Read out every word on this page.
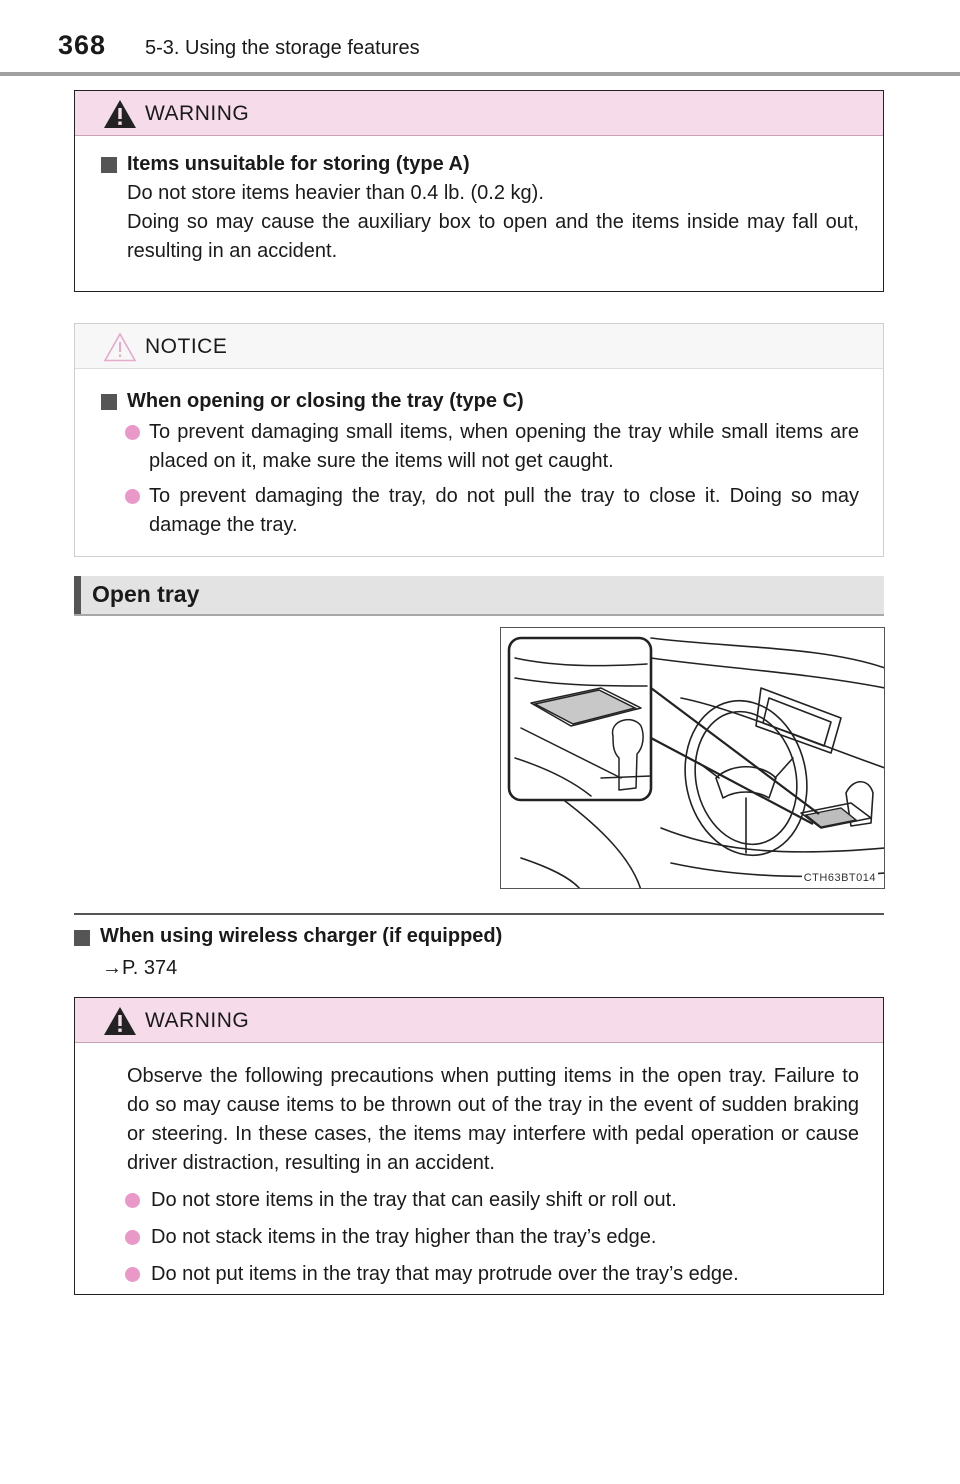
368 5-3. Using the storage features
WARNING
Items unsuitable for storing (type A)
Do not store items heavier than 0.4 lb. (0.2 kg).
Doing so may cause the auxiliary box to open and the items inside may fall out, resulting in an accident.
NOTICE
When opening or closing the tray (type C)
To prevent damaging small items, when opening the tray while small items are placed on it, make sure the items will not get caught.
To prevent damaging the tray, do not pull the tray to close it. Doing so may damage the tray.
Open tray
CTH63BT014
When using wireless charger (if equipped)
→P. 374
WARNING
Observe the following precautions when putting items in the open tray. Failure to do so may cause items to be thrown out of the tray in the event of sudden braking or steering. In these cases, the items may interfere with pedal operation or cause driver distraction, resulting in an accident.
Do not store items in the tray that can easily shift or roll out.
Do not stack items in the tray higher than the tray’s edge.
Do not put items in the tray that may protrude over the tray’s edge.
